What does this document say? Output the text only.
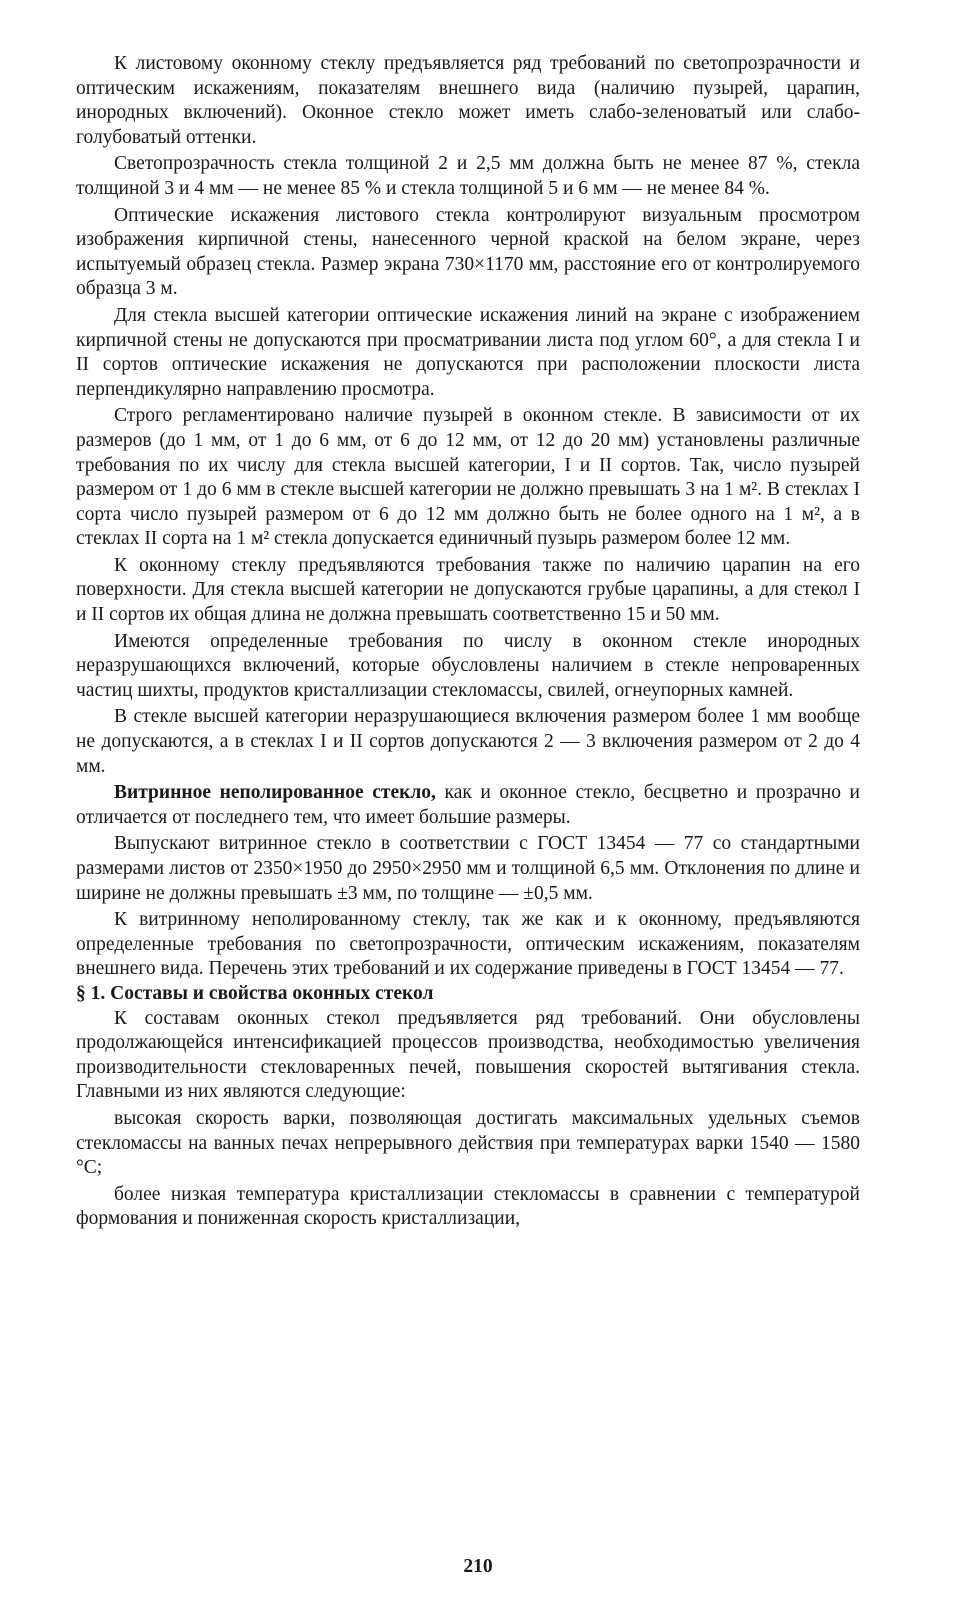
К листовому оконному стеклу предъявляется ряд требований по светопрозрачности и оптическим искажениям, показателям внешнего вида (наличию пузырей, царапин, инородных включений). Оконное стекло может иметь слабо-зеленоватый или слабо-голубоватый оттенки.

Светопрозрачность стекла толщиной 2 и 2,5 мм должна быть не менее 87 %, стекла толщиной 3 и 4 мм — не менее 85 % и стекла толщиной 5 и 6 мм — не менее 84 %.

Оптические искажения листового стекла контролируют визуальным просмотром изображения кирпичной стены, нанесенного черной краской на белом экране, через испытуемый образец стекла. Размер экрана 730×1170 мм, расстояние его от контролируемого образца 3 м.

Для стекла высшей категории оптические искажения линий на экране с изображением кирпичной стены не допускаются при просматривании листа под углом 60°, а для стекла I и II сортов оптические искажения не допускаются при расположении плоскости листа перпендикулярно направлению просмотра.

Строго регламентировано наличие пузырей в оконном стекле. В зависимости от их размеров (до 1 мм, от 1 до 6 мм, от 6 до 12 мм, от 12 до 20 мм) установлены различные требования по их числу для стекла высшей категории, I и II сортов. Так, число пузырей размером от 1 до 6 мм в стекле высшей категории не должно превышать 3 на 1 м². В стеклах I сорта число пузырей размером от 6 до 12 мм должно быть не более одного на 1 м², а в стеклах II сорта на 1 м² стекла допускается единичный пузырь размером более 12 мм.

К оконному стеклу предъявляются требования также по наличию царапин на его поверхности. Для стекла высшей категории не допускаются грубые царапины, а для стекол I и II сортов их общая длина не должна превышать соответственно 15 и 50 мм.

Имеются определенные требования по числу в оконном стекле инородных неразрушающихся включений, которые обусловлены наличием в стекле непроваренных частиц шихты, продуктов кристаллизации стекломассы, свилей, огнеупорных камней.

В стекле высшей категории неразрушающиеся включения размером более 1 мм вообще не допускаются, а в стеклах I и II сортов допускаются 2 — 3 включения размером от 2 до 4 мм.

Витринное неполированное стекло, как и оконное стекло, бесцветно и прозрачно и отличается от последнего тем, что имеет большие размеры.

Выпускают витринное стекло в соответствии с ГОСТ 13454 — 77 со стандартными размерами листов от 2350×1950 до 2950×2950 мм и толщиной 6,5 мм. Отклонения по длине и ширине не должны превышать ±3 мм, по толщине — ±0,5 мм.

К витринному неполированному стеклу, так же как и к оконному, предъявляются определенные требования по светопрозрачности, оптическим искажениям, показателям внешнего вида. Перечень этих требований и их содержание приведены в ГОСТ 13454 — 77.

§ 1. Составы и свойства оконных стекол

К составам оконных стекол предъявляется ряд требований. Они обусловлены продолжающейся интенсификацией процессов производства, необходимостью увеличения производительности стекловаренных печей, повышения скоростей вытягивания стекла. Главными из них являются следующие:

высокая скорость варки, позволяющая достигать максимальных удельных съемов стекломассы на ванных печах непрерывного действия при температурах варки 1540 — 1580 °С;

более низкая температура кристаллизации стекломассы в сравнении с температурой формования и пониженная скорость кристаллизации,

210
